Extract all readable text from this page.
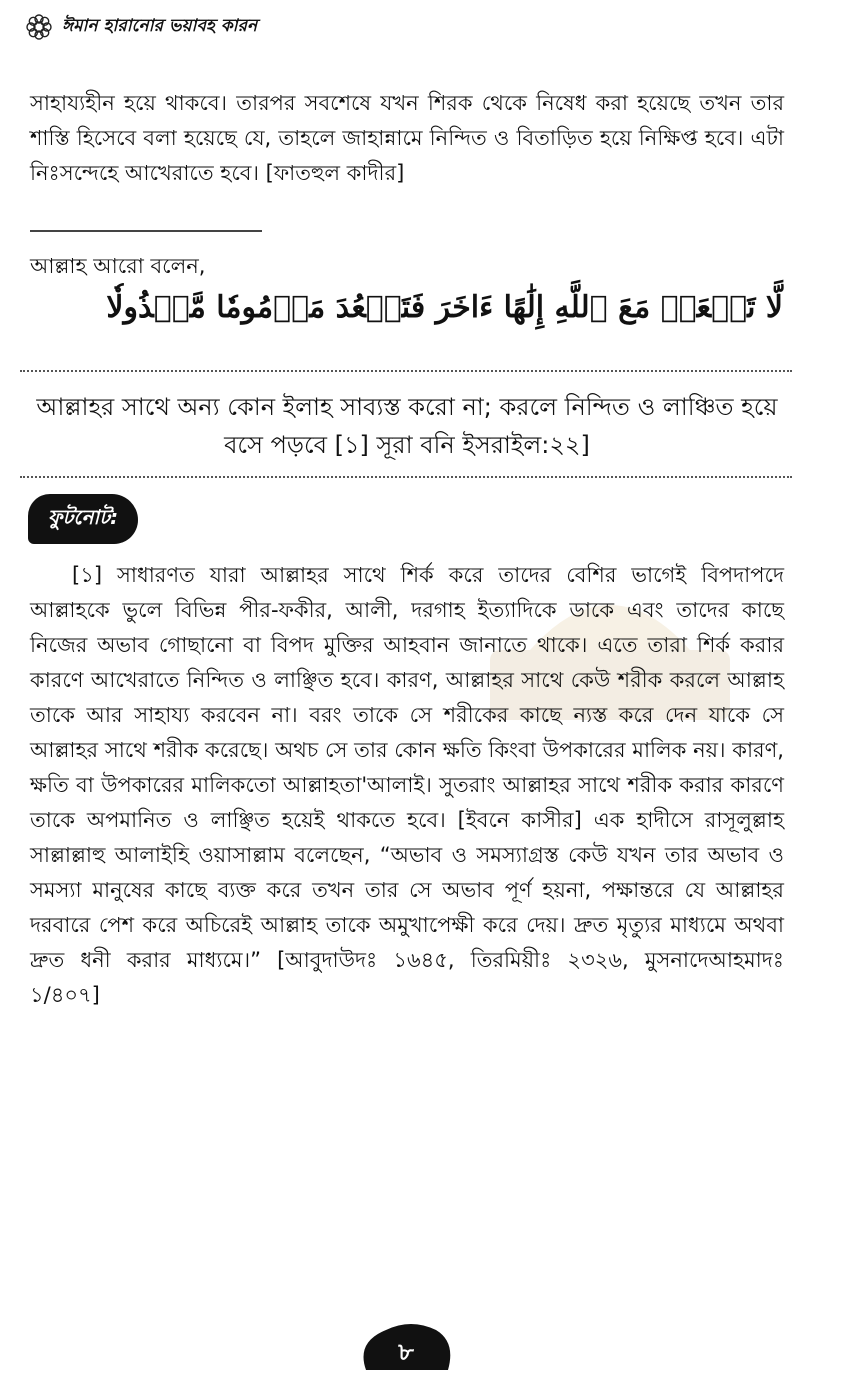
ঈমান হারানোর ভয়াবহ কারন

সাহায্যহীন হয়ে থাকবে। তারপর সবশেষে যখন শিরক থেকে নিষেধ করা হয়েছে তখন তার শাস্তি হিসেবে বলা হয়েছে যে, তাহলে জাহান্নামে নিন্দিত ও বিতাড়িত হয়ে নিক্ষিপ্ত হবে। এটা নিঃসন্দেহে আখেরাতে হবে। [ফাতহুল কাদীর]

আল্লাহ আরো বলেন,

لَّا تَجۡعَلۡ مَعَ ٱللَّهِ إِلَٰهًا ءَاخَرَ فَتَقۡعُدَ مَذۡمُومٗا مَّخۡذُولٗا

আল্লাহর সাথে অন্য কোন ইলাহ সাব্যস্ত করো না; করলে নিন্দিত ও লাঞ্চিত হয়ে বসে পড়বে [১] সূরা বনি ইসরাইল:২২]

ফুটনোট:

[১] সাধারণত যারা আল্লাহর সাথে শির্ক করে তাদের বেশির ভাগেই বিপদাপদে আল্লাহকে ভুলে বিভিন্ন পীর-ফকীর, আলী, দরগাহ ইত্যাদিকে ডাকে এবং তাদের কাছে নিজের অভাব গোছানো বা বিপদ মুক্তির আহবান জানাতে থাকে। এতে তারা শির্ক করার কারণে আখেরাতে নিন্দিত ও লাঞ্ছিত হবে। কারণ, আল্লাহর সাথে কেউ শরীক করলে আল্লাহ তাকে আর সাহায্য করবেন না। বরং তাকে সে শরীকের কাছে ন্যস্ত করে দেন যাকে সে আল্লাহর সাথে শরীক করেছে। অথচ সে তার কোন ক্ষতি কিংবা উপকারের মালিক নয়। কারণ, ক্ষতি বা উপকারের মালিকতো আল্লাহতা'আলাই। সুতরাং আল্লাহর সাথে শরীক করার কারণে তাকে অপমানিত ও লাঞ্ছিত হয়েই থাকতে হবে। [ইবনে কাসীর] এক হাদীসে রাসূলুল্লাহ সাল্লাল্লাহু আলাইহি ওয়াসাল্লাম বলেছেন, “অভাব ও সমস্যাগ্রস্ত কেউ যখন তার অভাব ও সমস্যা মানুষের কাছে ব্যক্ত করে তখন তার সে অভাব পূর্ণ হয়না, পক্ষান্তরে যে আল্লাহর দরবারে পেশ করে অচিরেই আল্লাহ তাকে অমুখাপেক্ষী করে দেয়। দ্রুত মৃত্যুর মাধ্যমে অথবা দ্রুত ধনী করার মাধ্যমে।” [আবুদাউদঃ ১৬৪৫, তিরমিয়ীঃ ২৩২৬, মুসনাদেআহমাদঃ ১/৪০৭]

৮
